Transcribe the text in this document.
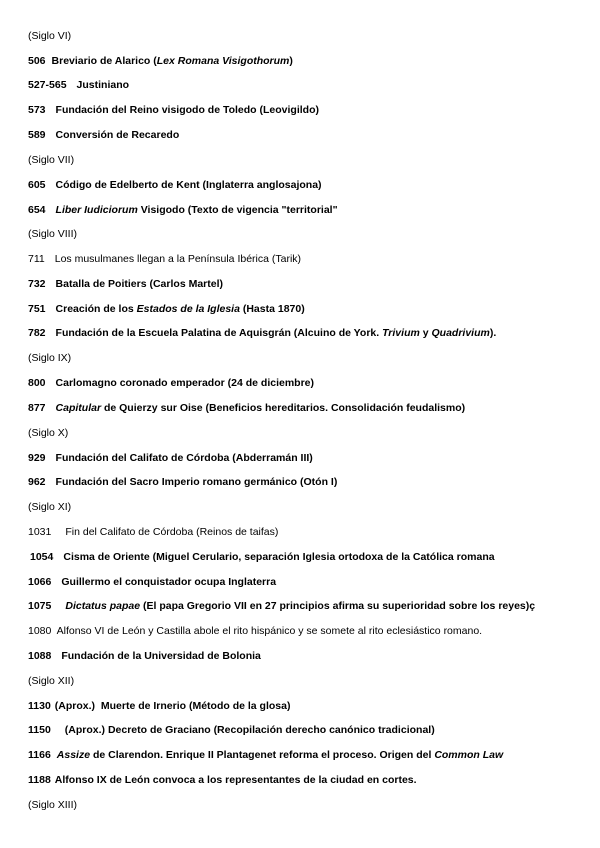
(Siglo VI)
506 Breviario de Alarico (Lex Romana Visigothorum)
527-565 Justiniano
573 Fundación del Reino visigodo de Toledo (Leovigildo)
589 Conversión de Recaredo
(Siglo VII)
605 Código de Edelberto de Kent (Inglaterra anglosajona)
654 Liber Iudiciorum Visigodo (Texto de vigencia "territorial"
(Siglo VIII)
711 Los musulmanes llegan a la Península Ibérica (Tarik)
732 Batalla de Poitiers (Carlos Martel)
751 Creación de los Estados de la Iglesia (Hasta 1870)
782 Fundación de la Escuela Palatina de Aquisgrán (Alcuino de York. Trivium y Quadrivium).
(Siglo IX)
800 Carlomagno coronado emperador (24 de diciembre)
877 Capitular de Quierzy sur Oise (Beneficios hereditarios. Consolidación feudalismo)
(Siglo X)
929 Fundación del Califato de Córdoba (Abderramán III)
962 Fundación del Sacro Imperio romano germánico (Otón I)
(Siglo XI)
1031 Fin del Califato de Córdoba (Reinos de taifas)
1054 Cisma de Oriente (Miguel Cerulario, separación Iglesia ortodoxa de la Católica romana
1066 Guillermo el conquistador ocupa Inglaterra
1075 Dictatus papae (El papa Gregorio VII en 27 principios afirma su superioridad sobre los reyes)ç
1080  Alfonso VI de León y Castilla abole el rito hispánico y se somete al rito eclesiástico romano.
1088 Fundación de la Universidad de Bolonia
(Siglo XII)
1130 (Aprox.)  Muerte de Irnerio (Método de la glosa)
1150 (Aprox.) Decreto de Graciano (Recopilación derecho canónico tradicional)
1166 Assize de Clarendon. Enrique II Plantagenet reforma el proceso. Origen del Common Law
1188 Alfonso IX de León convoca a los representantes de la ciudad en cortes.
(Siglo XIII)
